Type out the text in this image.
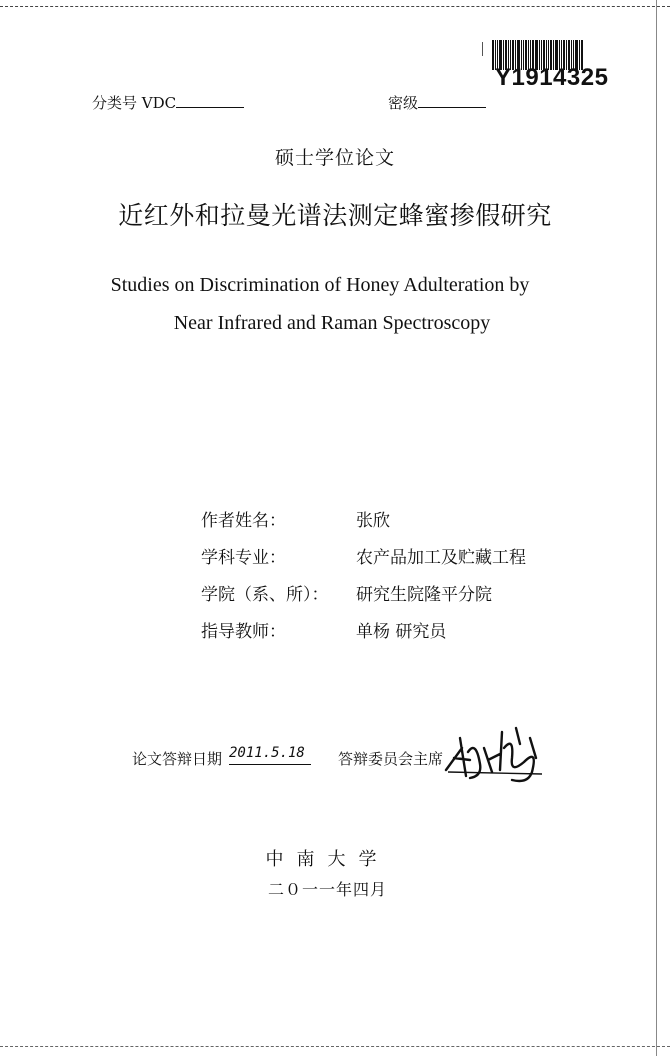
Y1914325
分类号 VDC	密级
硕士学位论文
近红外和拉曼光谱法测定蜂蜜掺假研究
Studies on Discrimination of Honey Adulteration by
Near Infrared and Raman Spectroscopy
作者姓名：	张欣
学科专业：	农产品加工及贮藏工程
学院（系、所）： 研究生院隆平分院
指导教师：	单杨 研究员
论文答辩日期 2011.5.18	答辩委员会主席
中南大学
二０一一年四月
